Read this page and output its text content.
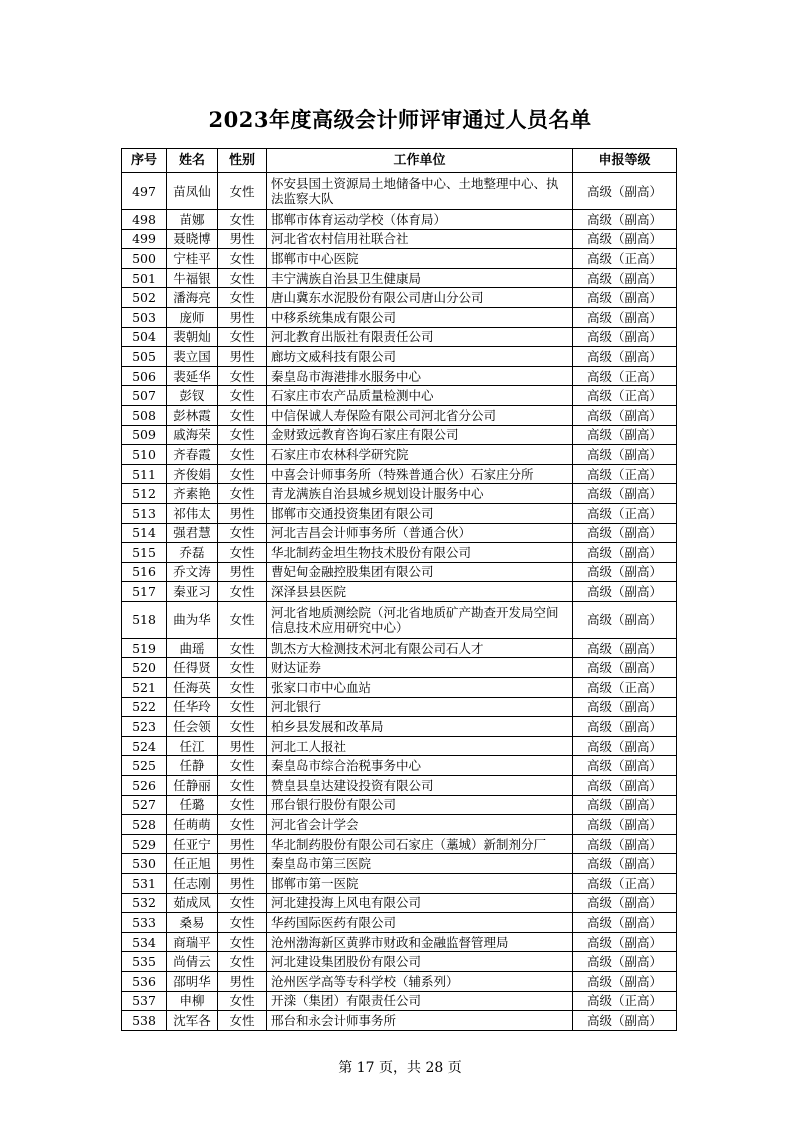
2023年度高级会计师评审通过人员名单
序号	姓名	性别	工作单位	申报等级
497	苗凤仙	女性	怀安县国土资源局土地储备中心、土地整理中心、执法监察大队	高级（副高）
498	苗娜	女性	邯郸市体育运动学校（体育局）	高级（副高）
499	聂晓博	男性	河北省农村信用社联合社	高级（副高）
500	宁桂平	女性	邯郸市中心医院	高级（正高）
501	牛福银	女性	丰宁满族自治县卫生健康局	高级（副高）
502	潘海亮	女性	唐山冀东水泥股份有限公司唐山分公司	高级（副高）
503	庞师	男性	中移系统集成有限公司	高级（副高）
504	裴朝灿	女性	河北教育出版社有限责任公司	高级（副高）
505	裴立国	男性	廊坊文威科技有限公司	高级（副高）
506	裴延华	女性	秦皇岛市海港排水服务中心	高级（正高）
507	彭钗	女性	石家庄市农产品质量检测中心	高级（正高）
508	彭林霞	女性	中信保诚人寿保险有限公司河北省分公司	高级（副高）
509	戚海荣	女性	金财致远教育咨询石家庄有限公司	高级（副高）
510	齐春霞	女性	石家庄市农林科学研究院	高级（副高）
511	齐俊娟	女性	中喜会计师事务所（特殊普通合伙）石家庄分所	高级（正高）
512	齐素艳	女性	青龙满族自治县城乡规划设计服务中心	高级（副高）
513	祁伟太	男性	邯郸市交通投资集团有限公司	高级（正高）
514	强君慧	女性	河北吉昌会计师事务所（普通合伙）	高级（副高）
515	乔磊	女性	华北制药金坦生物技术股份有限公司	高级（副高）
516	乔文涛	男性	曹妃甸金融控股集团有限公司	高级（副高）
517	秦亚习	女性	深泽县县医院	高级（副高）
518	曲为华	女性	河北省地质测绘院（河北省地质矿产勘查开发局空间信息技术应用研究中心）	高级（副高）
519	曲瑶	女性	凯杰方大检测技术河北有限公司石人才	高级（副高）
520	任得贤	女性	财达证券	高级（副高）
521	任海英	女性	张家口市中心血站	高级（正高）
522	任华玲	女性	河北银行	高级（副高）
523	任会领	女性	柏乡县发展和改革局	高级（副高）
524	任江	男性	河北工人报社	高级（副高）
525	任静	女性	秦皇岛市综合治税事务中心	高级（副高）
526	任静丽	女性	赞皇县皇达建设投资有限公司	高级（副高）
527	任璐	女性	邢台银行股份有限公司	高级（副高）
528	任萌萌	女性	河北省会计学会	高级（副高）
529	任亚宁	男性	华北制药股份有限公司石家庄（藁城）新制剂分厂	高级（副高）
530	任正旭	男性	秦皇岛市第三医院	高级（副高）
531	任志刚	男性	邯郸市第一医院	高级（正高）
532	茹成凤	女性	河北建投海上风电有限公司	高级（副高）
533	桑易	女性	华药国际医药有限公司	高级（副高）
534	商瑞平	女性	沧州渤海新区黄骅市财政和金融监督管理局	高级（副高）
535	尚倩云	女性	河北建设集团股份有限公司	高级（副高）
536	邵明华	男性	沧州医学高等专科学校（辅系列）	高级（副高）
537	申柳	女性	开滦（集团）有限责任公司	高级（正高）
538	沈军各	女性	邢台和永会计师事务所	高级（副高）
第 17 页，共 28 页
